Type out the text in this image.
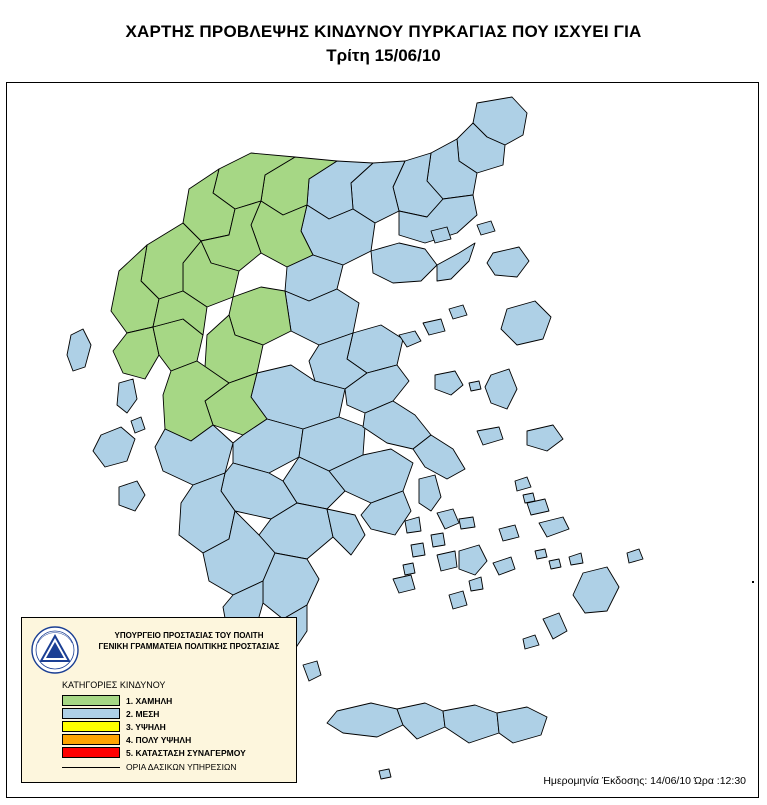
ΧΑΡΤΗΣ ΠΡΟΒΛΕΨΗΣ ΚΙΝΔΥΝΟΥ ΠΥΡΚΑΓΙΑΣ ΠΟΥ ΙΣΧΥΕΙ ΓΙΑ
Τρίτη 15/06/10
ΥΠΟΥΡΓΕΙΟ ΠΡΟΣΤΑΣΙΑΣ ΤΟΥ ΠΟΛΙΤΗ
ΓΕΝΙΚΗ ΓΡΑΜΜΑΤΕΙΑ ΠΟΛΙΤΙΚΗΣ ΠΡΟΣΤΑΣΙΑΣ
ΚΑΤΗΓΟΡΙΕΣ ΚΙΝΔΥΝΟΥ
1. ΧΑΜΗΛΗ
2. ΜΕΣΗ
3. ΥΨΗΛΗ
4. ΠΟΛΥ ΥΨΗΛΗ
5. ΚΑΤΑΣΤΑΣΗ ΣΥΝΑΓΕΡΜΟΥ
ΟΡΙΑ ΔΑΣΙΚΩΝ ΥΠΗΡΕΣΙΩΝ
Ημερομηνία Έκδοσης: 14/06/10 Ώρα :12:30
